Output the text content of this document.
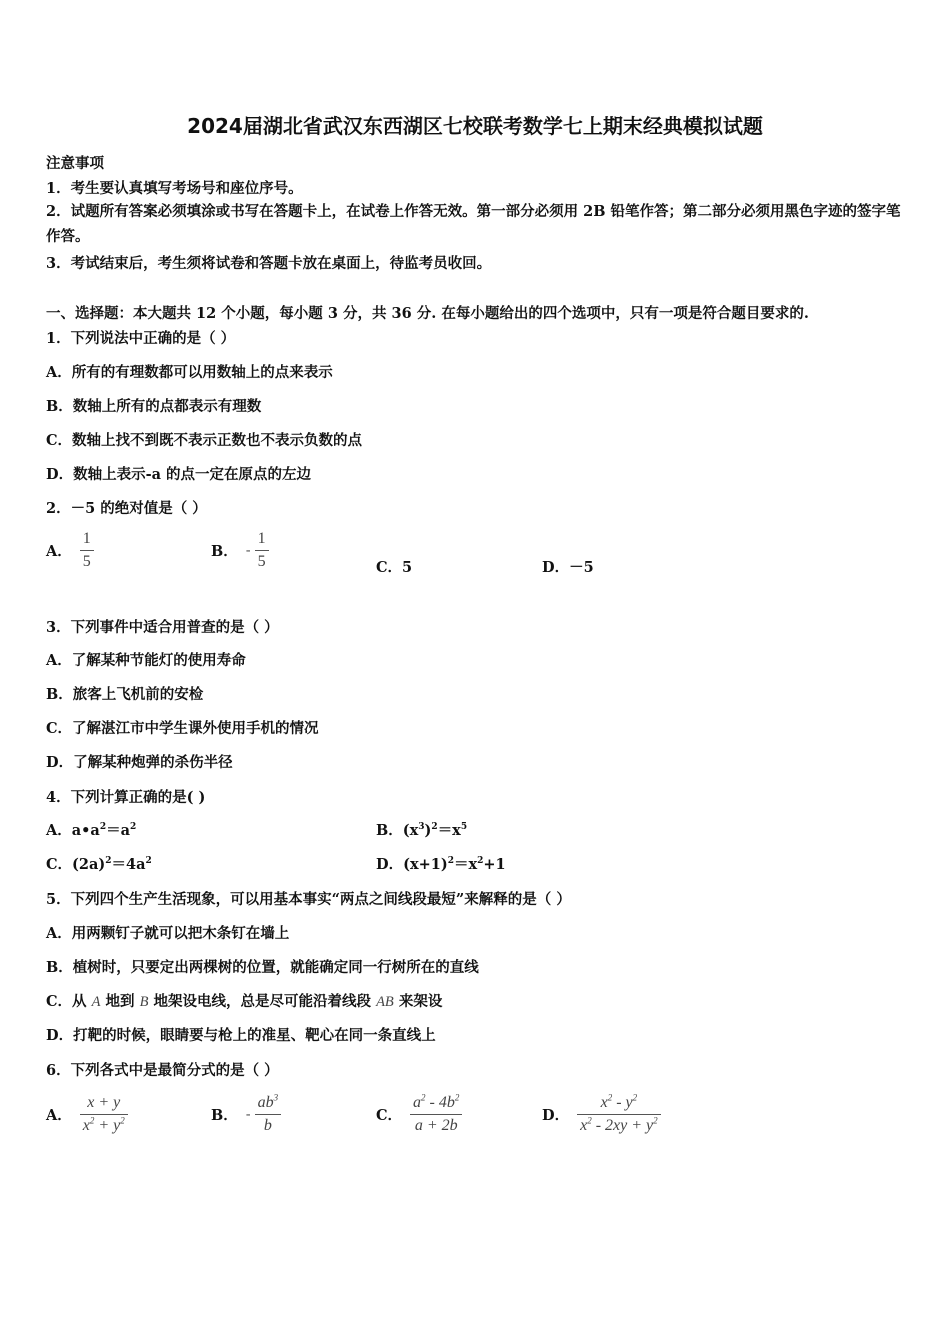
2024届湖北省武汉东西湖区七校联考数学七上期末经典模拟试题
注意事项
1．考生要认真填写考场号和座位序号。
2．试题所有答案必须填涂或书写在答题卡上，在试卷上作答无效。第一部分必须用 2B 铅笔作答；第二部分必须用黑色字迹的签字笔作答。
3．考试结束后，考生须将试卷和答题卡放在桌面上，待监考员收回。
一、选择题：本大题共 12 个小题，每小题 3 分，共 36 分. 在每小题给出的四个选项中，只有一项是符合题目要求的.
1．下列说法中正确的是（ ）
A．所有的有理数都可以用数轴上的点来表示
B．数轴上所有的点都表示有理数
C．数轴上找不到既不表示正数也不表示负数的点
D．数轴上表示-a 的点一定在原点的左边
2．－5 的绝对值是（ ）
A． $\frac{1}{5}$	B． - $\frac{1}{5}$	C．5	D．－5
3．下列事件中适合用普查的是（ ）
A．了解某种节能灯的使用寿命
B．旅客上飞机前的安检
C．了解湛江市中学生课外使用手机的情况
D．了解某种炮弹的杀伤半径
4．下列计算正确的是( )
A． $a•a^2=a^2$	B． $(x^3)^2=x^5$
C． $(2a)^2=4a^2$	D． $(x+1)^2=x^2+1$
5．下列四个生产生活现象，可以用基本事实“两点之间线段最短”来解释的是（ ）
A．用两颗钉子就可以把木条钉在墙上
B．植树时，只要定出两棵树的位置，就能确定同一行树所在的直线
C．从 A 地到 B 地架设电线，总是尽可能沿着线段 AB 来架设
D．打靶的时候，眼睛要与枪上的准星、靶心在同一条直线上
6．下列各式中是最简分式的是（ ）
A． $\frac{x + y}{x^2 + y^2}$	B． - $\frac{ab^3}{b}$	C． $\frac{a^2 - 4b^2}{a + 2b}$	D． $\frac{x^2 - y^2}{x^2 - 2xy + y^2}$
